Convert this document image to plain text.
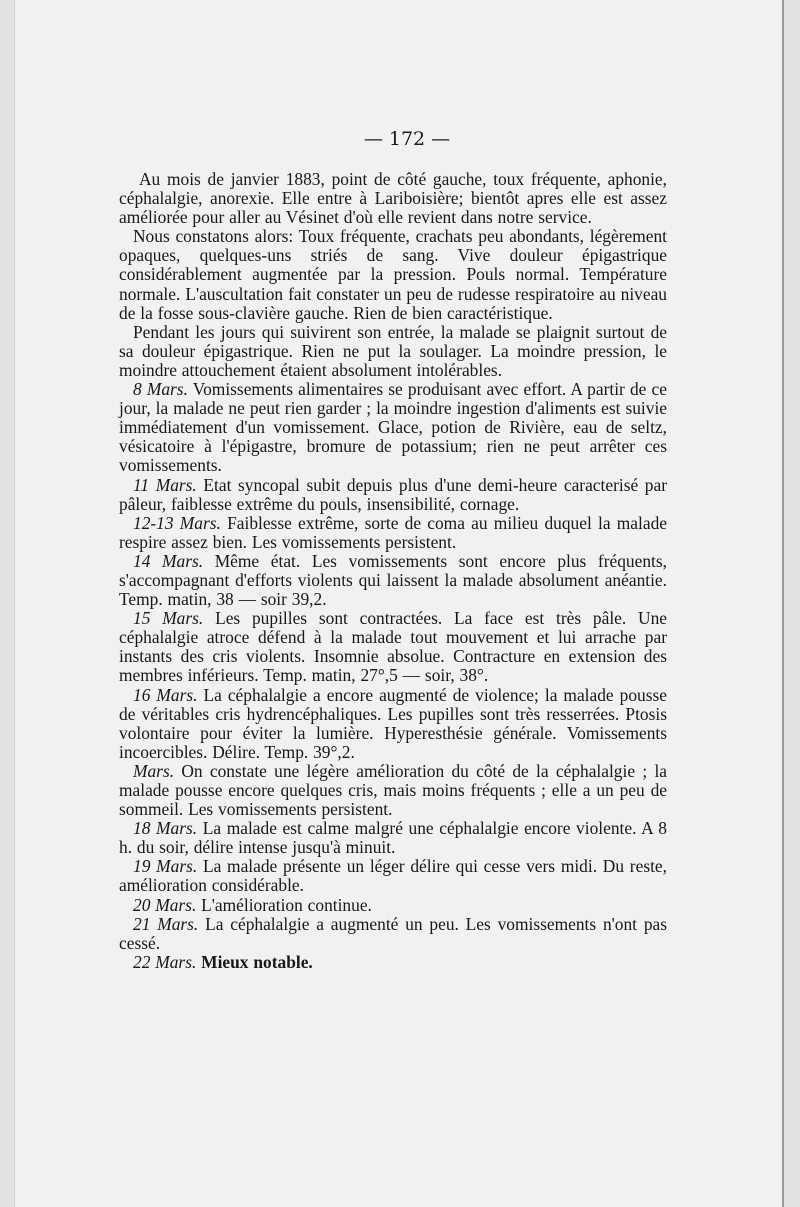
— 172 —

Au mois de janvier 1883, point de côté gauche, toux fréquente, aphonie, céphalalgie, anorexie. Elle entre à Lariboisière; bientôt apres elle est assez améliorée pour aller au Vésinet d'où elle revient dans notre service.

Nous constatons alors: Toux fréquente, crachats peu abondants, légèrement opaques, quelques-uns striés de sang. Vive douleur épigastrique considérablement augmentée par la pression. Pouls normal. Température normale. L'auscultation fait constater un peu de rudesse respiratoire au niveau de la fosse sous-clavière gauche. Rien de bien caractéristique.

Pendant les jours qui suivirent son entrée, la malade se plaignit surtout de sa douleur épigastrique. Rien ne put la soulager. La moindre pression, le moindre attouchement étaient absolument intolérables.

8 Mars. Vomissements alimentaires se produisant avec effort. A partir de ce jour, la malade ne peut rien garder ; la moindre ingestion d'aliments est suivie immédiatement d'un vomissement. Glace, potion de Rivière, eau de seltz, vésicatoire à l'épigastre, bromure de potassium; rien ne peut arrêter ces vomissements.

11 Mars. Etat syncopal subit depuis plus d'une demi-heure caracterisé par pâleur, faiblesse extrême du pouls, insensibilité, cornage.

12-13 Mars. Faiblesse extrême, sorte de coma au milieu duquel la malade respire assez bien. Les vomissements persistent.

14 Mars. Même état. Les vomissements sont encore plus fréquents, s'accompagnant d'efforts violents qui laissent la malade absolument anéantie. Temp. matin, 38 — soir 39,2.

15 Mars. Les pupilles sont contractées. La face est très pâle. Une céphalalgie atroce défend à la malade tout mouvement et lui arrache par instants des cris violents. Insomnie absolue. Contracture en extension des membres inférieurs. Temp. matin, 27°,5 — soir, 38°.

16 Mars. La céphalalgie a encore augmenté de violence; la malade pousse de véritables cris hydrencéphaliques. Les pupilles sont très resserrées. Ptosis volontaire pour éviter la lumière. Hyperesthésie générale. Vomissements incoercibles. Délire. Temp. 39°,2.

Mars. On constate une légère amélioration du côté de la céphalalgie ; la malade pousse encore quelques cris, mais moins fréquents ; elle a un peu de sommeil. Les vomissements persistent.

18 Mars. La malade est calme malgré une céphalalgie encore violente. A 8 h. du soir, délire intense jusqu'à minuit.

19 Mars. La malade présente un léger délire qui cesse vers midi. Du reste, amélioration considérable.

20 Mars. L'amélioration continue.

21 Mars. La céphalalgie a augmenté un peu. Les vomissements n'ont pas cessé.

22 Mars. Mieux notable.
